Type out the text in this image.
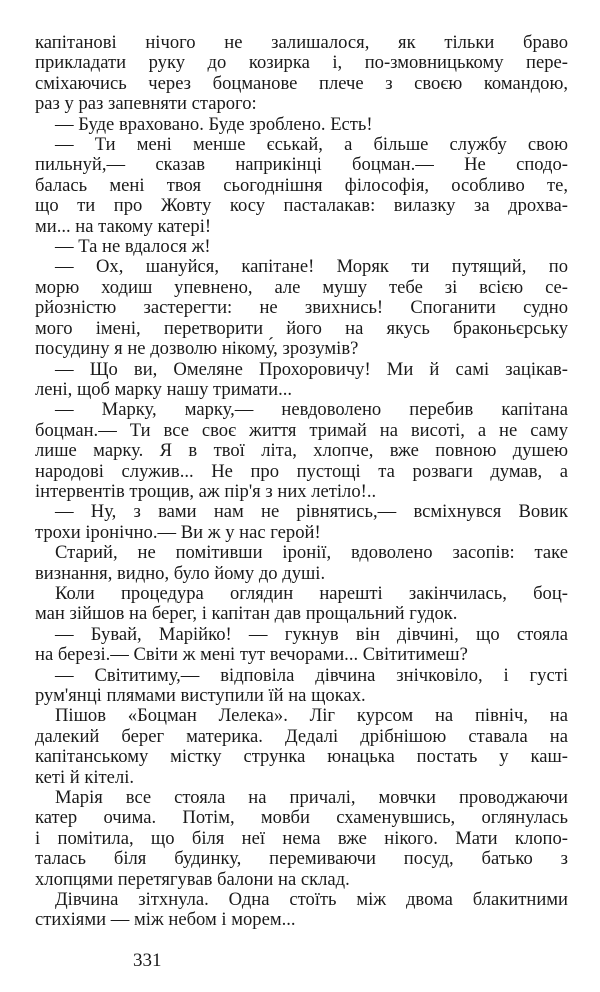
капітанові нічого не залишалося, як тільки браво
прикладати руку до козирка і, по-змовницькому пере-
сміхаючись через боцманове плече з своєю командою,
раз у раз запевняти старого:
— Буде враховано. Буде зроблено. Есть!
— Ти мені менше єськай, а більше службу свою
пильнуй,— сказав наприкінці боцман.— Не сподо-
балась мені твоя сьогоднішня філософія, особливо те,
що ти про Жовту косу пасталакав: вилазку за дрохва-
ми... на такому катері!
— Та не вдалося ж!
— Ох, шануйся, капітане! Моряк ти путящий, по
морю ходиш упевнено, але мушу тебе зі всією се-
рйозністю застерегти: не звихнись! Споганити судно
мого імені, перетворити його на якусь браконьєрську
посудину я не дозволю нікому́, зрозумів?
— Що ви, Омеляне Прохоровичу! Ми й самі зацікав-
лені, щоб марку нашу тримати...
— Марку, марку,— невдоволено перебив капітана
боцман.— Ти все своє життя тримай на висоті, а не саму
лише марку. Я в твої літа, хлопче, вже повною душею
народові служив... Не про пустощі та розваги думав, а
інтервентів трощив, аж пір'я з них летіло!..
— Ну, з вами нам не рівнятись,— всміхнувся Вовик
трохи іронічно.— Ви ж у нас герой!
Старий, не помітивши іронії, вдоволено засопів: таке
визнання, видно, було йому до душі.
Коли процедура оглядин нарешті закінчилась, боц-
ман зійшов на берег, і капітан дав прощальний гудок.
— Бувай, Марійко! — гукнув він дівчині, що стояла
на березі.— Світи ж мені тут вечорами... Світитимеш?
— Світитиму,— відповіла дівчина знічковіло, і густі
рум'янці плямами виступили їй на щоках.
Пішов «Боцман Лелека». Ліг курсом на північ, на
далекий берег материка. Дедалі дрібнішою ставала на
капітанському містку струнка юнацька постать у каш-
кеті й кітелі.
Марія все стояла на причалі, мовчки проводжаючи
катер очима. Потім, мовби схаменувшись, оглянулась
і помітила, що біля неї нема вже нікого. Мати клопо-
талась біля будинку, перемиваючи посуд, батько з
хлопцями перетягував балони на склад.
Дівчина зітхнула. Одна стоїть між двома блакитними
стихіями — між небом і морем...
331
